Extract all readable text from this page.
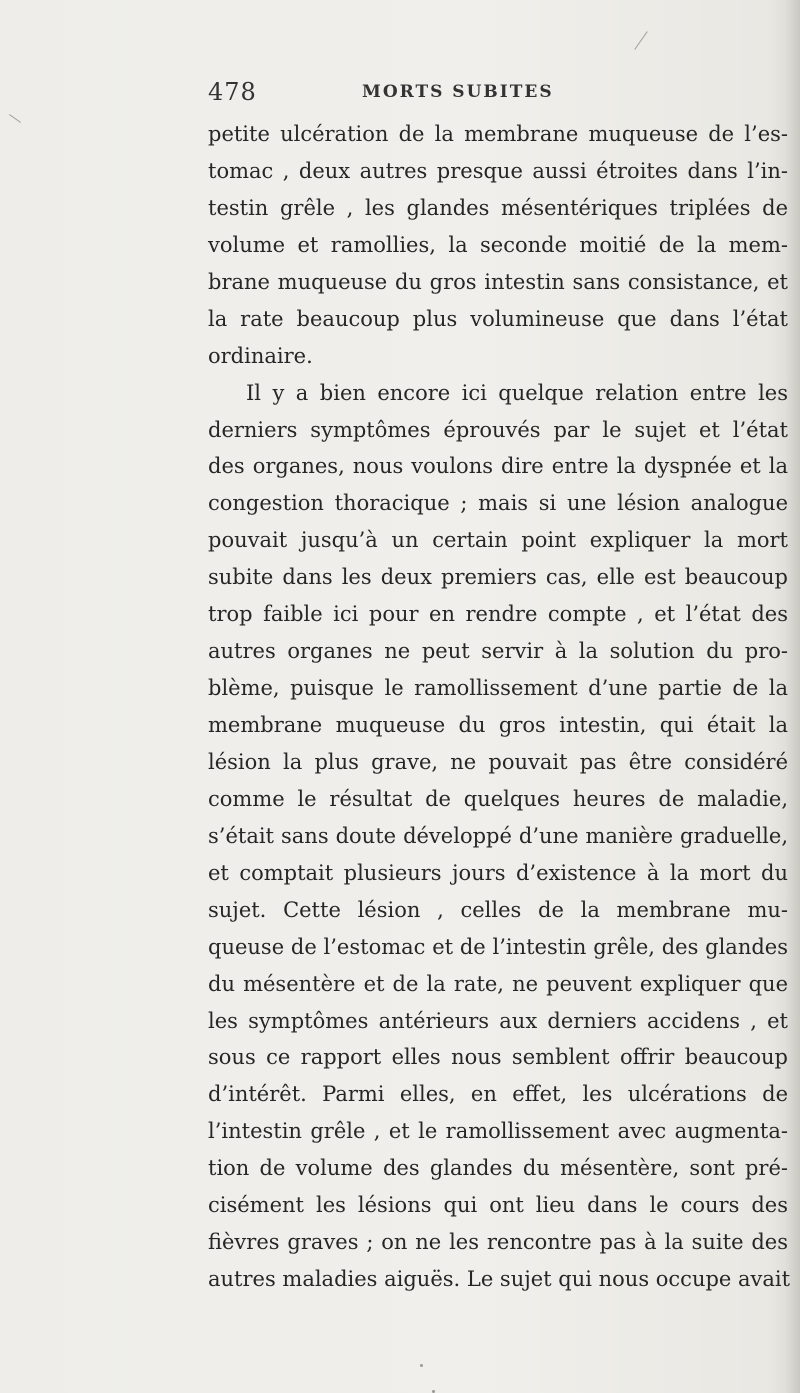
478	MORTS SUBITES
petite ulcération de la membrane muqueuse de l’es-
tomac , deux autres presque aussi étroites dans l’in-
testin grêle , les glandes mésentériques triplées de
volume et ramollies, la seconde moitié de la mem-
brane muqueuse du gros intestin sans consistance, et
la rate beaucoup plus volumineuse que dans l’état
ordinaire.
Il y a bien encore ici quelque relation entre les
derniers symptômes éprouvés par le sujet et l’état
des organes, nous voulons dire entre la dyspnée et la
congestion thoracique ; mais si une lésion analogue
pouvait jusqu’à un certain point expliquer la mort
subite dans les deux premiers cas, elle est beaucoup
trop faible ici pour en rendre compte , et l’état des
autres organes ne peut servir à la solution du pro-
blème, puisque le ramollissement d’une partie de la
membrane muqueuse du gros intestin, qui était la
lésion la plus grave, ne pouvait pas être considéré
comme le résultat de quelques heures de maladie,
s’était sans doute développé d’une manière graduelle,
et comptait plusieurs jours d’existence à la mort du
sujet. Cette lésion , celles de la membrane mu-
queuse de l’estomac et de l’intestin grêle, des glandes
du mésentère et de la rate, ne peuvent expliquer que
les symptômes antérieurs aux derniers accidens , et
sous ce rapport elles nous semblent offrir beaucoup
d’intérêt. Parmi elles, en effet, les ulcérations de
l’intestin grêle , et le ramollissement avec augmenta-
tion de volume des glandes du mésentère, sont pré-
cisément les lésions qui ont lieu dans le cours des
fièvres graves ; on ne les rencontre pas à la suite des
autres maladies aiguës. Le sujet qui nous occupe avait
